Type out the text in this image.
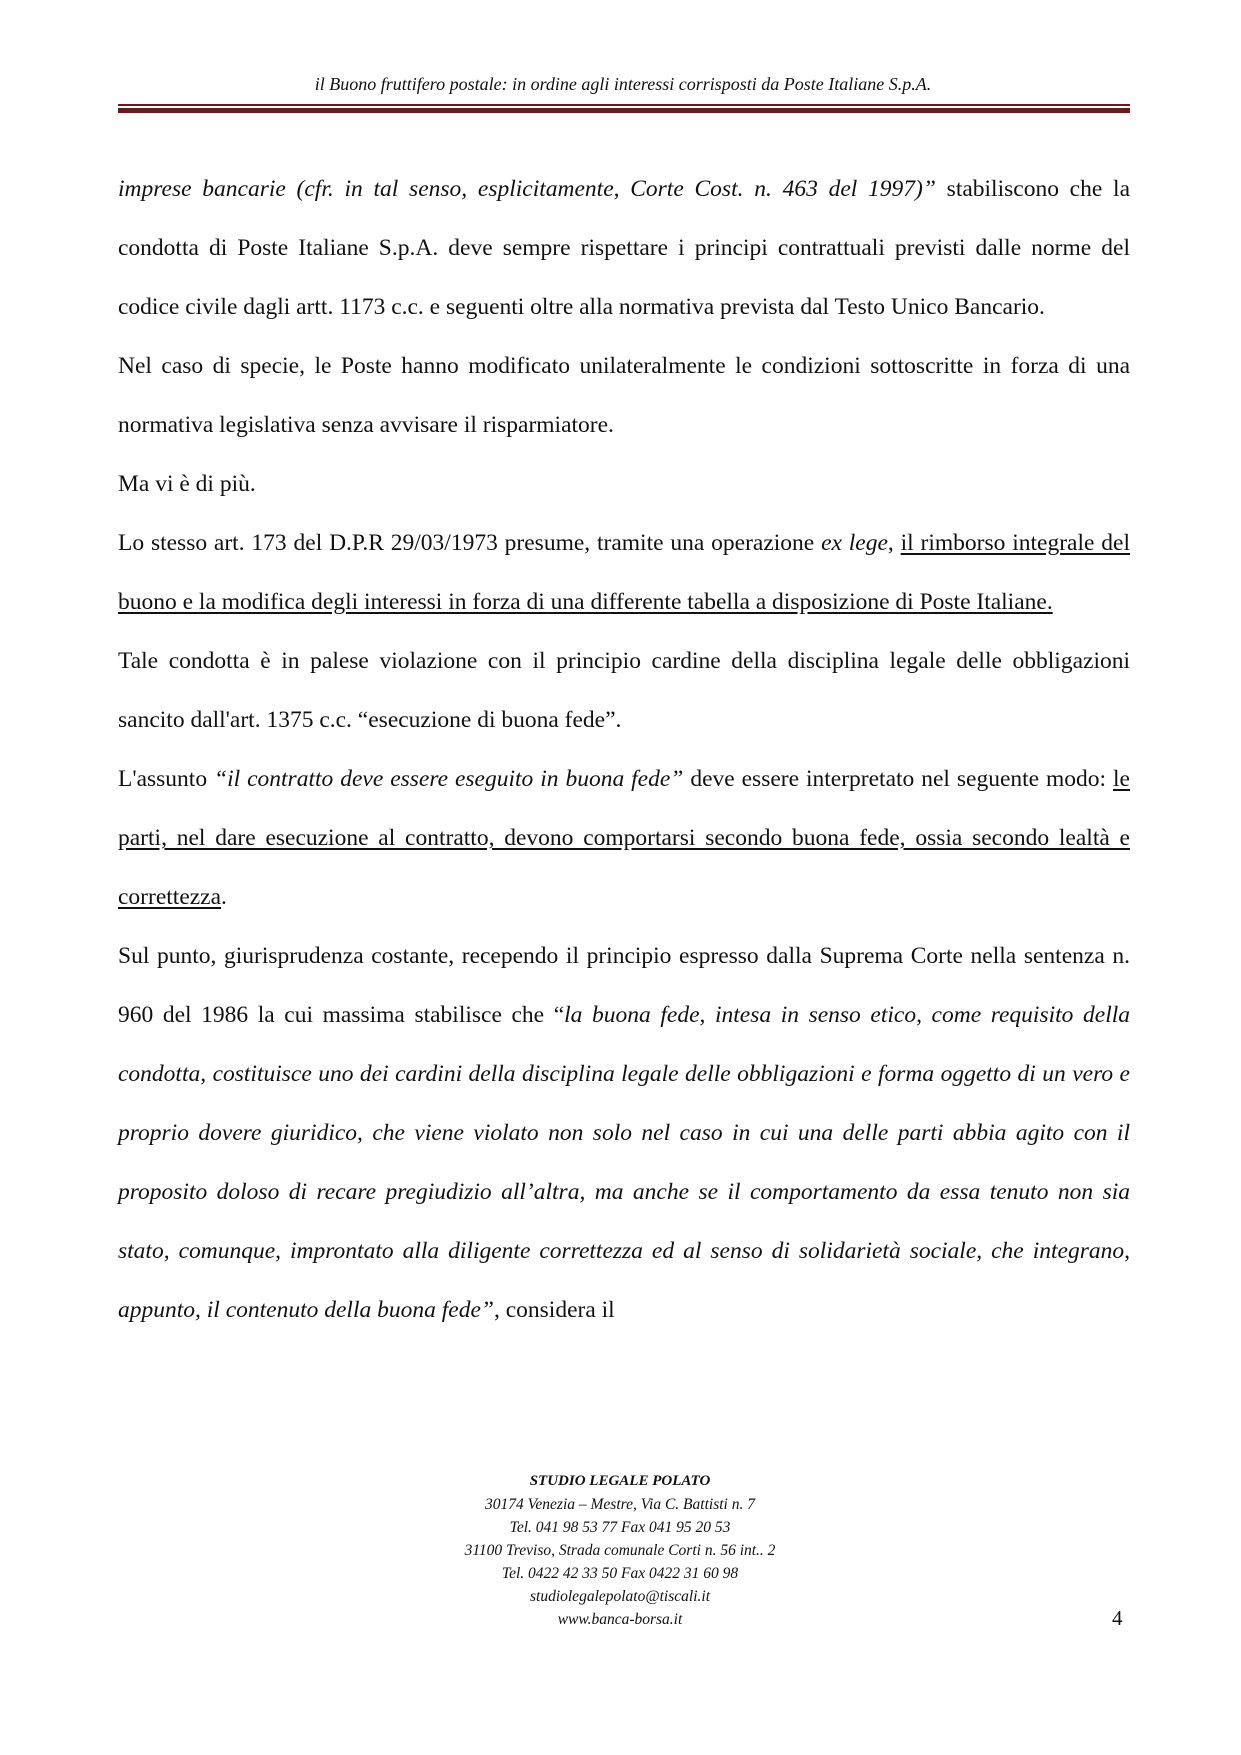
il Buono fruttifero postale: in ordine agli interessi corrisposti da Poste Italiane S.p.A.

imprese bancarie (cfr. in tal senso, esplicitamente, Corte Cost. n. 463 del 1997)” stabiliscono che la condotta di Poste Italiane S.p.A. deve sempre rispettare i principi contrattuali previsti dalle norme del codice civile dagli artt. 1173 c.c. e seguenti oltre alla normativa prevista dal Testo Unico Bancario.

Nel caso di specie, le Poste hanno modificato unilateralmente le condizioni sottoscritte in forza di una normativa legislativa senza avvisare il risparmiatore.

Ma vi è di più.

Lo stesso art. 173 del D.P.R 29/03/1973 presume, tramite una operazione ex lege, il rimborso integrale del buono e la modifica degli interessi in forza di una differente tabella a disposizione di Poste Italiane.

Tale condotta è in palese violazione con il principio cardine della disciplina legale delle obbligazioni sancito dall'art. 1375 c.c. “esecuzione di buona fede”.

L'assunto “il contratto deve essere eseguito in buona fede” deve essere interpretato nel seguente modo: le parti, nel dare esecuzione al contratto, devono comportarsi secondo buona fede, ossia secondo lealtà e correttezza.

Sul punto, giurisprudenza costante, recependo il principio espresso dalla Suprema Corte nella sentenza n. 960 del 1986 la cui massima stabilisce che “la buona fede, intesa in senso etico, come requisito della condotta, costituisce uno dei cardini della disciplina legale delle obbligazioni e forma oggetto di un vero e proprio dovere giuridico, che viene violato non solo nel caso in cui una delle parti abbia agito con il proposito doloso di recare pregiudizio all’altra, ma anche se il comportamento da essa tenuto non sia stato, comunque, improntato alla diligente correttezza ed al senso di solidarietà sociale, che integrano, appunto, il contenuto della buona fede”, considera il

STUDIO LEGALE POLATO
30174 Venezia – Mestre, Via C. Battisti n. 7
Tel. 041 98 53 77 Fax 041 95 20 53
31100 Treviso, Strada comunale Corti n. 56 int.. 2
Tel. 0422 42 33 50 Fax 0422 31 60 98
studiolegalepolato@tiscali.it
www.banca-borsa.it	4
